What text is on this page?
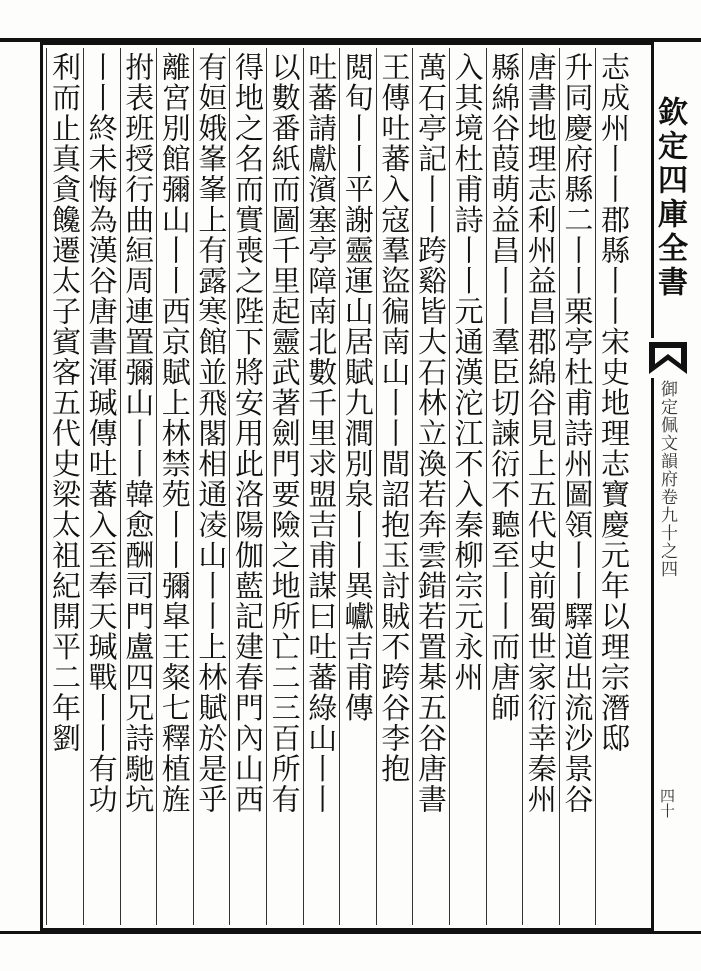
欽定四庫全書
御定佩文韻府卷九十之四
四十
志成州丨丨郡縣丨丨宋史地理志寶慶元年以理宗潛邸
升同慶府縣二丨丨栗亭杜甫詩州圖領丨丨驛道出流沙景谷
唐書地理志利州益昌郡綿谷見上五代史前蜀世家衍幸秦州
縣綿谷葭萌益昌丨丨羣臣切諫衍不聽至丨丨而唐師
入其境杜甫詩丨丨元通漢沱江不入秦柳宗元永州
萬石亭記丨丨跨谿皆大石林立渙若奔雲錯若置棊五谷唐書
王傳吐蕃入寇羣盜徧南山丨丨間詔抱玉討賊不跨谷李抱
閲旬丨丨平謝靈運山居賦九澗別泉丨丨異巘吉甫傳
吐蕃請獻濱塞亭障南北數千里求盟吉甫謀曰吐蕃綠山丨丨
以數番紙而圖千里起靈武著劍門要險之地所亡二三百所有
得地之名而實喪之陛下將安用此洛陽伽藍記建春門內山西
有姮娥峯峯上有露寒館並飛閣相通凌山丨丨上林賦於是乎
離宮別館彌山丨丨西京賦上林禁苑丨丨彌皐王粲七釋植旌
拊表班授行曲絙周連置彌山丨丨韓愈酬司門盧四兄詩馳坑
丨丨終未悔為漢谷唐書渾瑊傳吐蕃入至奉天瑊戰丨丨有功
利而止真貪饞遷太子賓客五代史梁太祖紀開平二年劉
